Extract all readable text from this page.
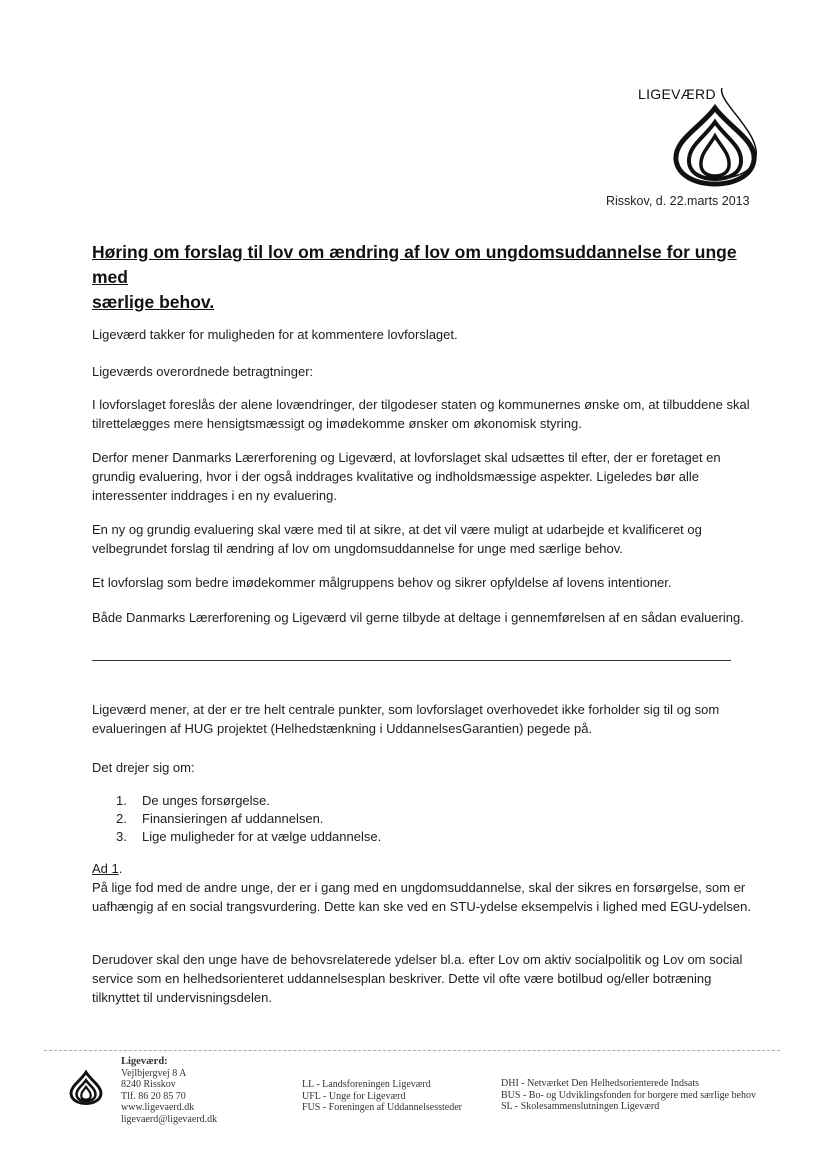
LIGEVÆRD
Risskov, d. 22.marts 2013
Høring om forslag til lov om ændring af lov om ungdomsuddannelse for unge med
særlige behov.
Ligeværd takker for muligheden for at kommentere lovforslaget.
Ligeværds overordnede betragtninger:
I lovforslaget foreslås der alene lovændringer, der tilgodeser staten og kommunernes ønske om, at tilbuddene skal tilrettelægges mere hensigtsmæssigt og imødekomme ønsker om økonomisk styring.
Derfor mener Danmarks Lærerforening og Ligeværd, at lovforslaget skal udsættes til efter, der er foretaget en grundig evaluering, hvor i der også inddrages kvalitative og indholdsmæssige aspekter. Ligeledes bør alle interessenter inddrages i en ny evaluering.
En ny og grundig evaluering skal være med til at sikre, at det vil være muligt at udarbejde et kvalificeret og velbegrundet forslag til ændring af lov om ungdomsuddannelse for unge med særlige behov.
Et lovforslag som bedre imødekommer målgruppens behov og sikrer opfyldelse af lovens intentioner.
Både Danmarks Lærerforening og Ligeværd vil gerne tilbyde at deltage i gennemførelsen af en sådan evaluering.
Ligeværd mener, at der er tre helt centrale punkter, som lovforslaget overhovedet ikke forholder sig til og som evalueringen af HUG projektet (Helhedstænkning i UddannelsesGarantien) pegede på.
Det drejer sig om:
1.	De unges forsørgelse.
2.	Finansieringen af uddannelsen.
3.	Lige muligheder for at vælge uddannelse.
Ad 1.
På lige fod med de andre unge, der er i gang med en ungdomsuddannelse, skal der sikres en forsørgelse, som er uafhængig af en social trangsvurdering. Dette kan ske ved en STU-ydelse eksempelvis i lighed med EGU-ydelsen.
Derudover skal den unge have de behovsrelaterede ydelser bl.a. efter Lov om aktiv socialpolitik og Lov om social service som en helhedsorienteret uddannelsesplan beskriver. Dette vil ofte være botilbud og/eller botræning tilknyttet til undervisningsdelen.
Ligeværd:
Vejlbjergvej 8 A
8240 Risskov
Tlf. 86 20 85 70
www.ligevaerd.dk
ligevaerd@ligevaerd.dk
LL - Landsforeningen Ligeværd
UFL - Unge for Ligeværd
FUS - Foreningen af Uddannelsessteder
DHI - Netværket Den Helhedsorienterede Indsats
BUS - Bo- og Udviklingsfonden for borgere med særlige behov
SL - Skolesammenslutningen Ligeværd
